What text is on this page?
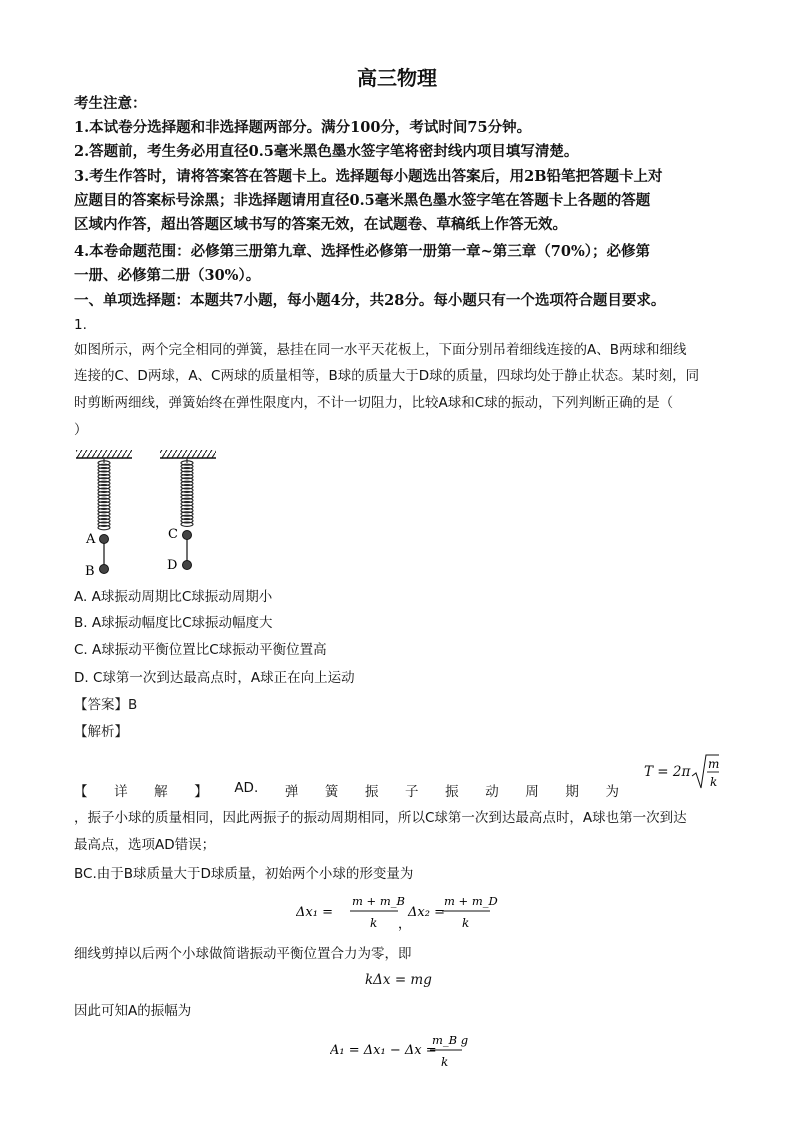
高三物理
考生注意：
1.本试卷分选择题和非选择题两部分。满分100分，考试时间75分钟。
2.答题前，考生务必用直径0.5毫米黑色墨水签字笔将密封线内项目填写清楚。
3.考生作答时，请将答案答在答题卡上。选择题每小题选出答案后，用2B铅笔把答题卡上对
应题目的答案标号涂黑；非选择题请用直径0.5毫米黑色墨水签字笔在答题卡上各题的答题
区域内作答，超出答题区域书写的答案无效，在试题卷、草稿纸上作答无效。
4.本卷命题范围：必修第三册第九章、选择性必修第一册第一章~第三章（70%）；必修第
一册、必修第二册（30%）。
一、单项选择题：本题共7小题，每小题4分，共28分。每小题只有一个选项符合题目要求。
1.
如图所示，两个完全相同的弹簧，悬挂在同一水平天花板上，下面分别吊着细线连接的A、B两球和细线
连接的C、D两球，A、C两球的质量相等，B球的质量大于D球的质量，四球均处于静止状态。某时刻，同
时剪断两细线，弹簧始终在弹性限度内，不计一切阻力，比较A球和C球的振动，下列判断正确的是（
）
A
B
C
D
A. A球振动周期比C球振动周期小
B. A球振动幅度比C球振动幅度大
C. A球振动平衡位置比C球振动平衡位置高
D. C球第一次到达最高点时，A球正在向上运动
【答案】B
【解析】
T = 2π m
k
【 详 解 】 AD. 弹 簧 振 子 振 动 周 期 为
，振子小球的质量相同，因此两振子的振动周期相同，所以C球第一次到达最高点时，A球也第一次到达
最高点，选项AD错误；
BC.由于B球质量大于D球质量，初始两个小球的形变量为
Δx₁ =
m + m_B
k ，
Δx₂ =
m + m_D
k
细线剪掉以后两个小球做简谐振动平衡位置合力为零，即
kΔx = mg
因此可知A的振幅为
A₁ = Δx₁ − Δx =
m_B g
k
